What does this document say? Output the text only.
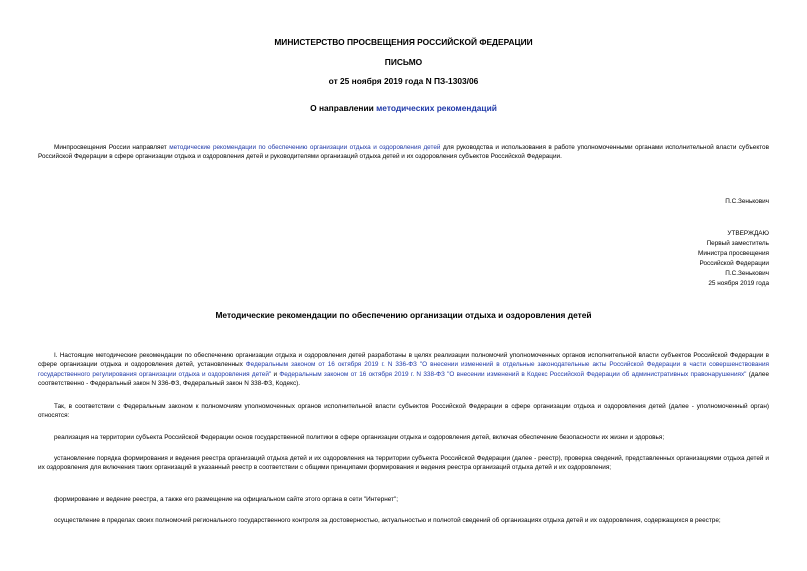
МИНИСТЕРСТВО ПРОСВЕЩЕНИЯ РОССИЙСКОЙ ФЕДЕРАЦИИ
ПИСЬМО
от 25 ноября 2019 года N ПЗ-1303/06
О направлении методических рекомендаций
Минпросвещения России направляет методические рекомендации по обеспечению организации отдыха и оздоровления детей для руководства и использования в работе уполномоченными органами исполнительной власти субъектов Российской Федерации в сфере организации отдыха и оздоровления детей и руководителями организаций отдыха детей и их оздоровления субъектов Российской Федерации.
П.С.Зенькович
УТВЕРЖДАЮ
Первый заместитель
Министра просвещения
Российской Федерации
П.С.Зенькович
25 ноября 2019 года
Методические рекомендации по обеспечению организации отдыха и оздоровления детей
I. Настоящие методические рекомендации по обеспечению организации отдыха и оздоровления детей разработаны в целях реализации полномочий уполномоченных органов исполнительной власти субъектов Российской Федерации в сфере организации отдыха и оздоровления детей, установленных Федеральным законом от 16 октября 2019 г. N 336-ФЗ "О внесении изменений в отдельные законодательные акты Российской Федерации в части совершенствования государственного регулирования организации отдыха и оздоровления детей" и Федеральным законом от 16 октября 2019 г. N 338-ФЗ "О внесении изменений в Кодекс Российской Федерации об административных правонарушениях" (далее соответственно - Федеральный закон N 336-ФЗ, Федеральный закон N 338-ФЗ, Кодекс).
Так, в соответствии с Федеральным законом к полномочиям уполномоченных органов исполнительной власти субъектов Российской Федерации в сфере организации отдыха и оздоровления детей (далее - уполномоченный орган) относятся:
реализация на территории субъекта Российской Федерации основ государственной политики в сфере организации отдыха и оздоровления детей, включая обеспечение безопасности их жизни и здоровья;
установление порядка формирования и ведения реестра организаций отдыха детей и их оздоровления на территории субъекта Российской Федерации (далее - реестр), проверка сведений, представленных организациями отдыха детей и их оздоровления для включения таких организаций в указанный реестр в соответствии с общими принципами формирования и ведения реестра организаций отдыха детей и их оздоровления;
формирование и ведение реестра, а также его размещение на официальном сайте этого органа в сети "Интернет";
осуществление в пределах своих полномочий регионального государственного контроля за достоверностью, актуальностью и полнотой сведений об организациях отдыха детей и их оздоровления, содержащихся в реестре;
